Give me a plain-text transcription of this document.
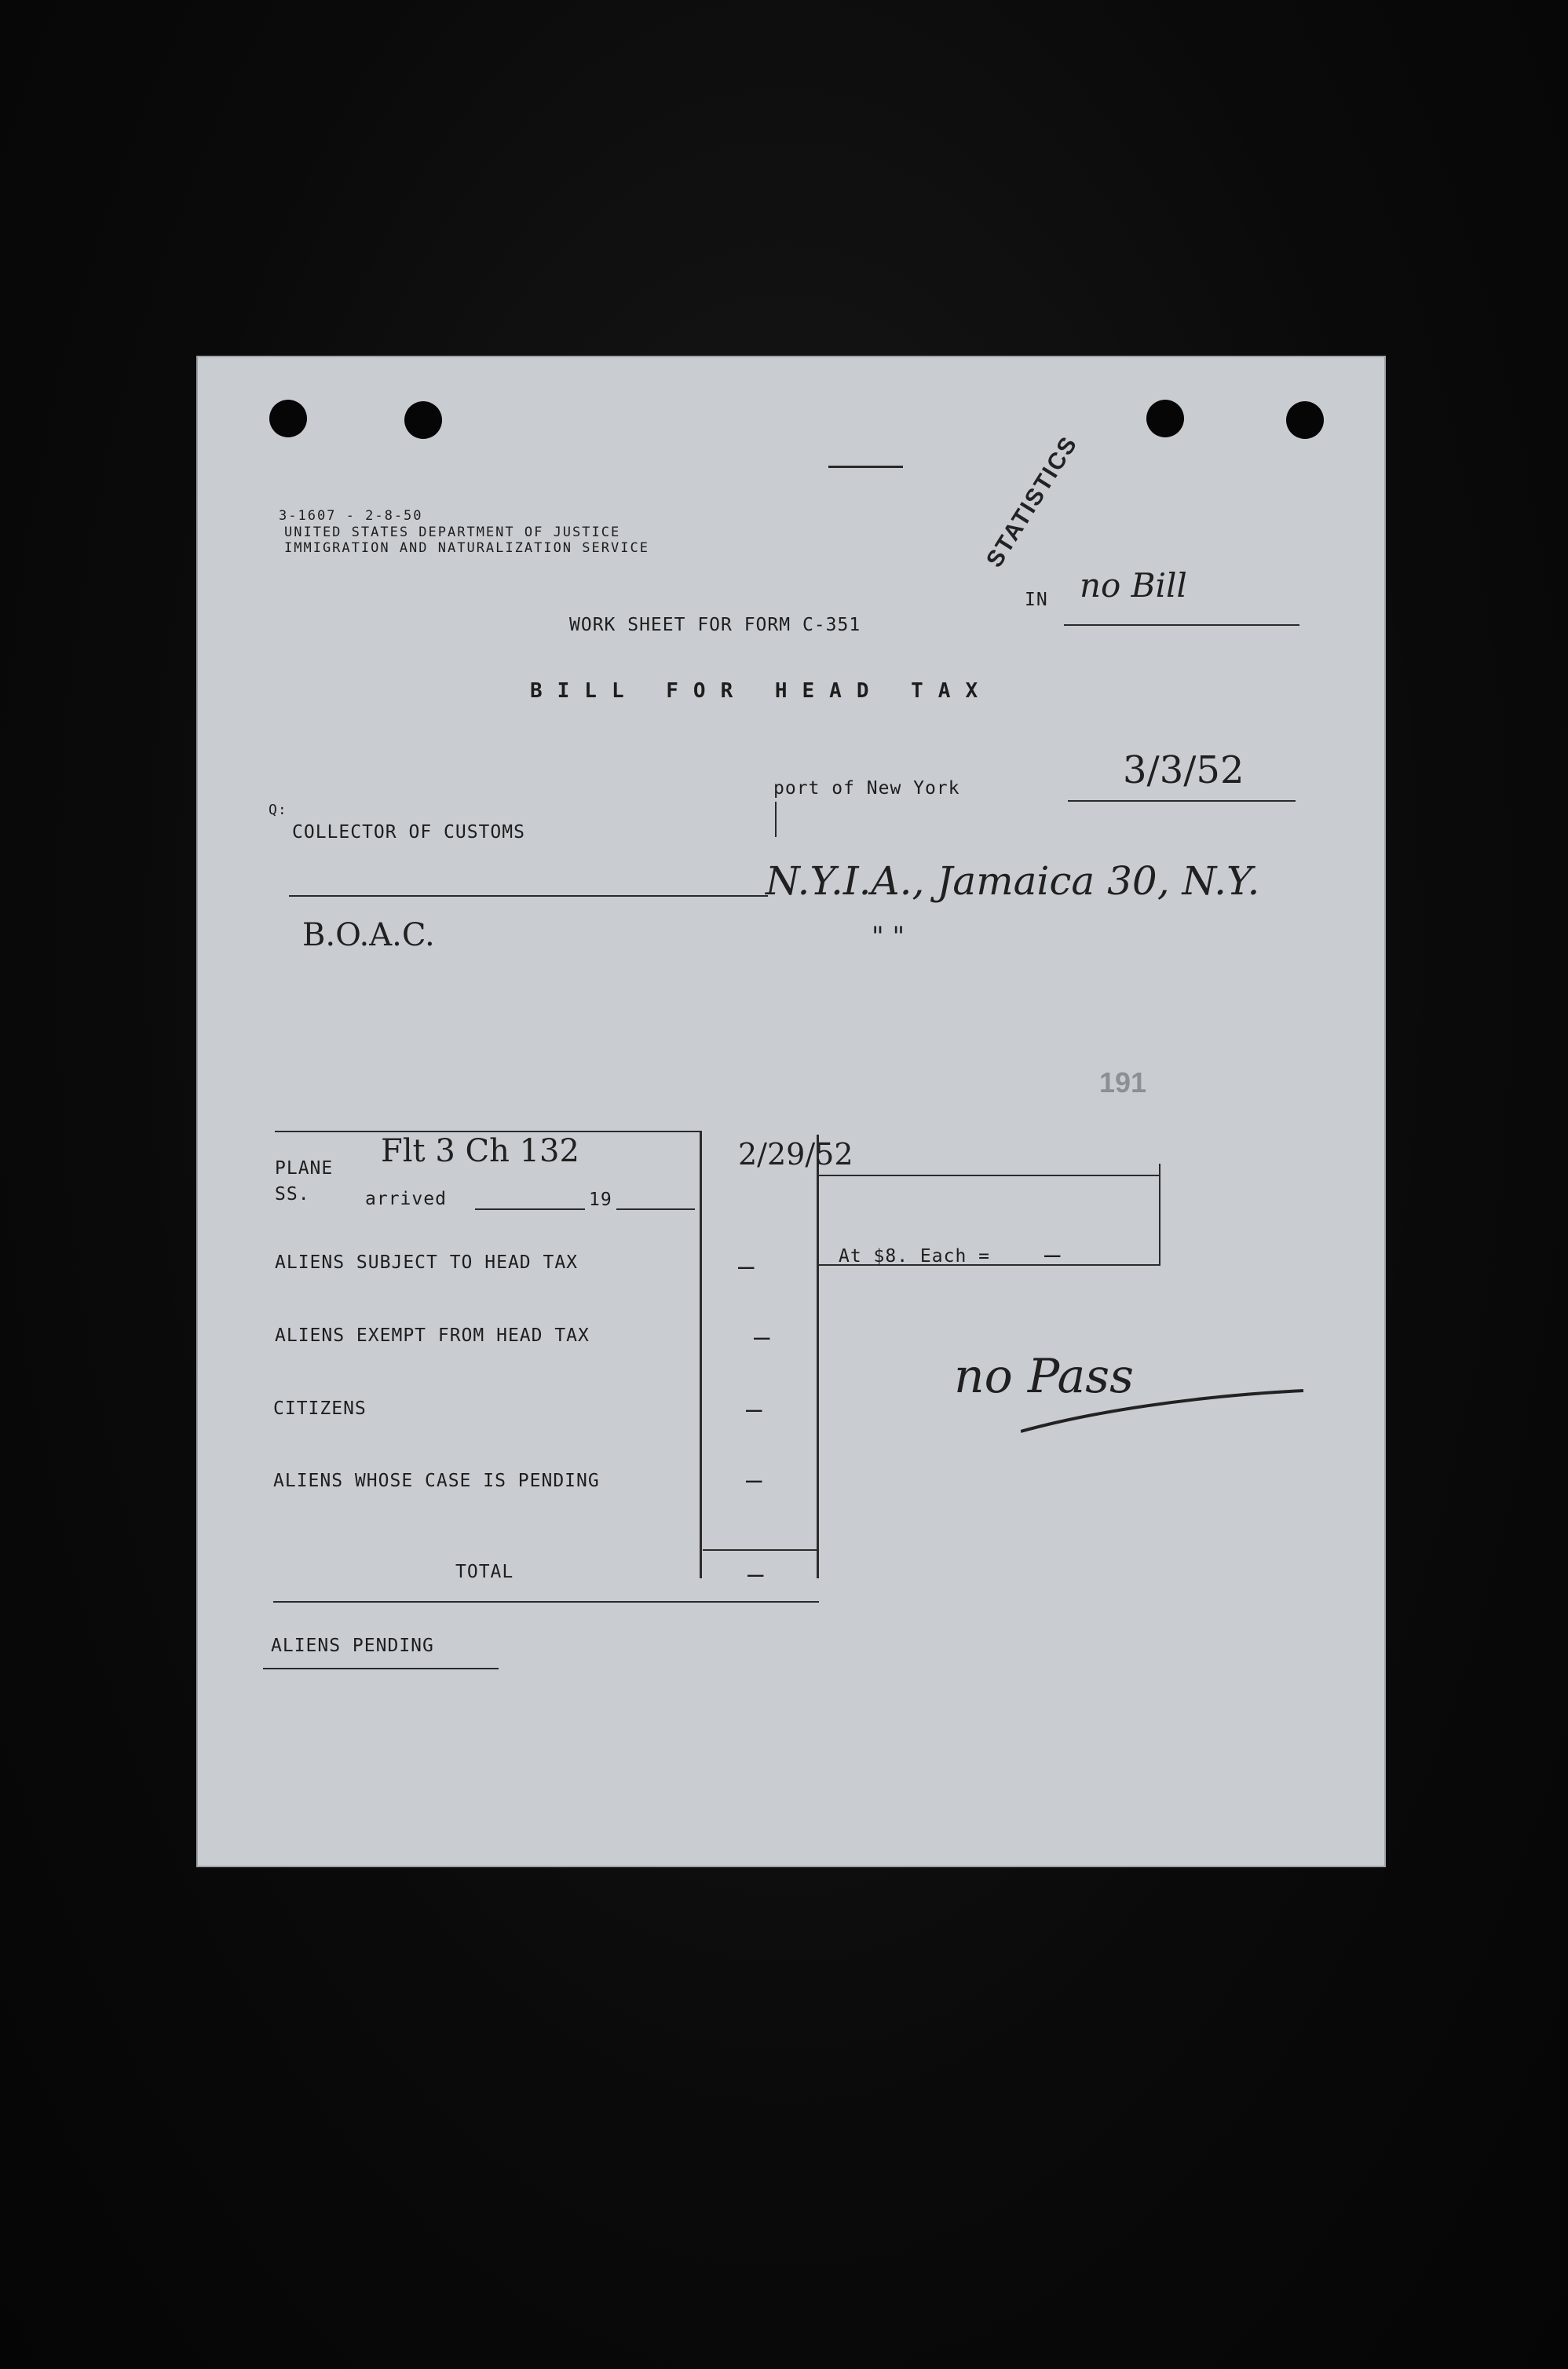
3-1607 - 2-8-50
UNITED STATES DEPARTMENT OF JUSTICE
IMMIGRATION AND NATURALIZATION SERVICE	STATISTICS
191
WORK SHEET FOR FORM C-351
BILL FOR HEAD TAX
IN no Bill
port of New York	3/3/52
Q:
COLLECTOR OF CUSTOMS
N.Y.I.A., Jamaica 30, N.Y.
B.O.A.C.	" "
PLANE
SS.
Flt 3 Ch 132
arrived	19
2/29/52
ALIENS SUBJECT TO HEAD TAX	—
ALIENS EXEMPT FROM HEAD TAX	—
CITIZENS	—
ALIENS WHOSE CASE IS PENDING	—
TOTAL	—
At $8. Each = —
no Pass
ALIENS PENDING
